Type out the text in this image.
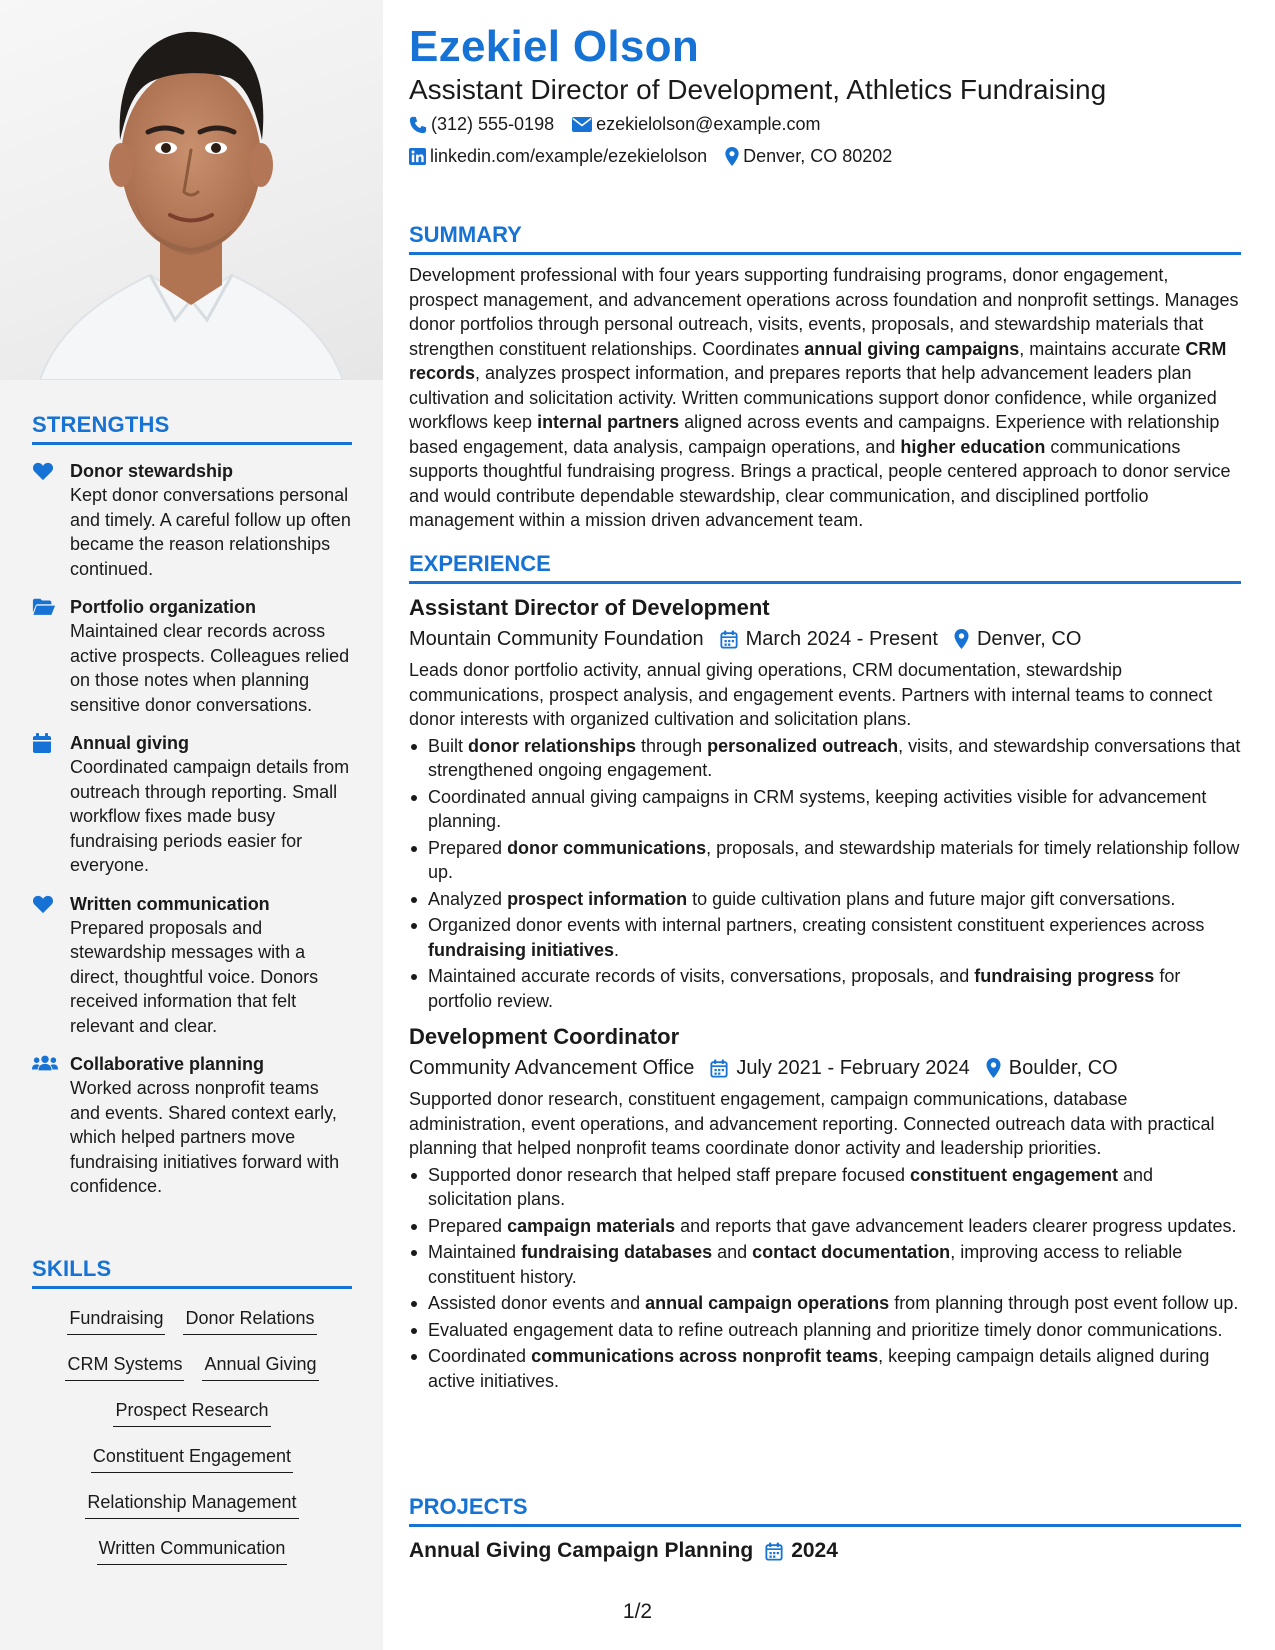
STRENGTHS
Donor stewardship
Kept donor conversations personal and timely. A careful follow up often became the reason relationships continued.
Portfolio organization
Maintained clear records across active prospects. Colleagues relied on those notes when planning sensitive donor conversations.
Annual giving
Coordinated campaign details from outreach through reporting. Small workflow fixes made busy fundraising periods easier for everyone.
Written communication
Prepared proposals and stewardship messages with a direct, thoughtful voice. Donors received information that felt relevant and clear.
Collaborative planning
Worked across nonprofit teams and events. Shared context early, which helped partners move fundraising initiatives forward with confidence.
SKILLS
Fundraising Donor Relations
CRM Systems Annual Giving
Prospect Research
Constituent Engagement
Relationship Management
Written Communication
Ezekiel Olson
Assistant Director of Development, Athletics Fundraising
(312) 555-0198 ezekielolson@example.com
linkedin.com/example/ezekielolson Denver, CO 80202
SUMMARY

Development professional with four years supporting fundraising programs, donor engagement, prospect management, and advancement operations across foundation and nonprofit settings. Manages donor portfolios through personal outreach, visits, events, proposals, and stewardship materials that strengthen constituent relationships. Coordinates annual giving campaigns, maintains accurate CRM records, analyzes prospect information, and prepares reports that help advancement leaders plan cultivation and solicitation activity. Written communications support donor confidence, while organized workflows keep internal partners aligned across events and campaigns. Experience with relationship based engagement, data analysis, campaign operations, and higher education communications supports thoughtful fundraising progress. Brings a practical, people centered approach to donor service and would contribute dependable stewardship, clear communication, and disciplined portfolio management within a mission driven advancement team.

EXPERIENCE
Assistant Director of Development
Mountain Community Foundation March 2024 - Present Denver, CO

Leads donor portfolio activity, annual giving operations, CRM documentation, stewardship communications, prospect analysis, and engagement events. Partners with internal teams to connect donor interests with organized cultivation and solicitation plans.

Built donor relationships through personalized outreach, visits, and stewardship conversations that strengthened ongoing engagement.
Coordinated annual giving campaigns in CRM systems, keeping activities visible for advancement planning.
Prepared donor communications, proposals, and stewardship materials for timely relationship follow up.
Analyzed prospect information to guide cultivation plans and future major gift conversations.
Organized donor events with internal partners, creating consistent constituent experiences across fundraising initiatives.
Maintained accurate records of visits, conversations, proposals, and fundraising progress for portfolio review.
Development Coordinator
Community Advancement Office July 2021 - February 2024 Boulder, CO

Supported donor research, constituent engagement, campaign communications, database administration, event operations, and advancement reporting. Connected outreach data with practical planning that helped nonprofit teams coordinate donor activity and leadership priorities.

Supported donor research that helped staff prepare focused constituent engagement and solicitation plans.
Prepared campaign materials and reports that gave advancement leaders clearer progress updates.
Maintained fundraising databases and contact documentation, improving access to reliable constituent history.
Assisted donor events and annual campaign operations from planning through post event follow up.
Evaluated engagement data to refine outreach planning and prioritize timely donor communications.
Coordinated communications across nonprofit teams, keeping campaign details aligned during active initiatives.
PROJECTS
Annual Giving Campaign Planning 2024
1/2
